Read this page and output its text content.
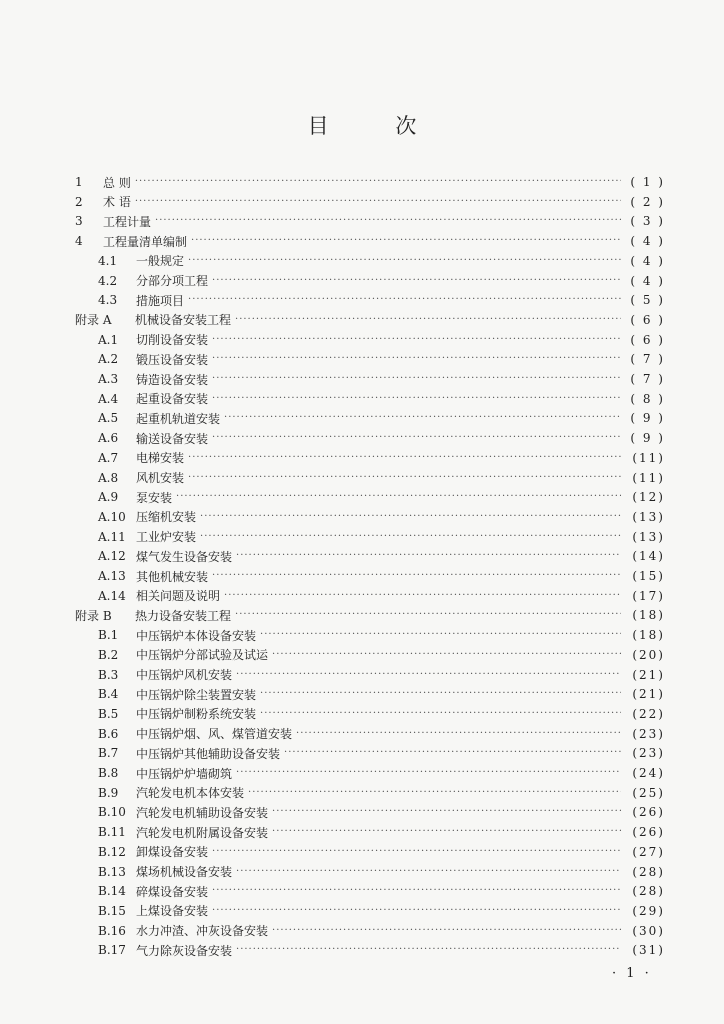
目 次
1	总 则 ·····	( 1 )
2	术 语 ·····	( 2 )
3	工程计量 ·····	( 3 )
4	工程量清单编制 ·····	( 4 )
4.1	一般规定 ·····	( 4 )
4.2	分部分项工程 ·····	( 4 )
4.3	措施项目 ·····	( 5 )
附录 A	机械设备安装工程 ·····	( 6 )
A.1	切削设备安装 ·····	( 6 )
A.2	锻压设备安装 ·····	( 7 )
A.3	铸造设备安装 ·····	( 7 )
A.4	起重设备安装 ·····	( 8 )
A.5	起重机轨道安装 ·····	( 9 )
A.6	输送设备安装 ·····	( 9 )
A.7	电梯安装 ·····	(11)
A.8	风机安装 ·····	(11)
A.9	泵安装 ·····	(12)
A.10 压缩机安装 ·····	(13)
A.11 工业炉安装 ·····	(13)
A.12 煤气发生设备安装 ·····	(14)
A.13 其他机械安装 ·····	(15)
A.14 相关问题及说明 ·····	(17)
附录 B	热力设备安装工程 ·····	(18)
B.1	中压锅炉本体设备安装 ·····	(18)
B.2	中压锅炉分部试验及试运 ·····	(20)
B.3	中压锅炉风机安装 ·····	(21)
B.4	中压锅炉除尘装置安装 ·····	(21)
B.5	中压锅炉制粉系统安装 ·····	(22)
B.6	中压锅炉烟、风、煤管道安装 ·····	(23)
B.7	中压锅炉其他辅助设备安装 ·····	(23)
B.8	中压锅炉炉墙砌筑 ·····	(24)
B.9	汽轮发电机本体安装 ·····	(25)
B.10 汽轮发电机辅助设备安装 ·····	(26)
B.11 汽轮发电机附属设备安装 ·····	(26)
B.12 卸煤设备安装 ·····	(27)
B.13 煤场机械设备安装 ·····	(28)
B.14 碎煤设备安装 ·····	(28)
B.15 上煤设备安装 ·····	(29)
B.16 水力冲渣、冲灰设备安装 ·····	(30)
B.17 气力除灰设备安装 ·····	(31)
· 1 ·
